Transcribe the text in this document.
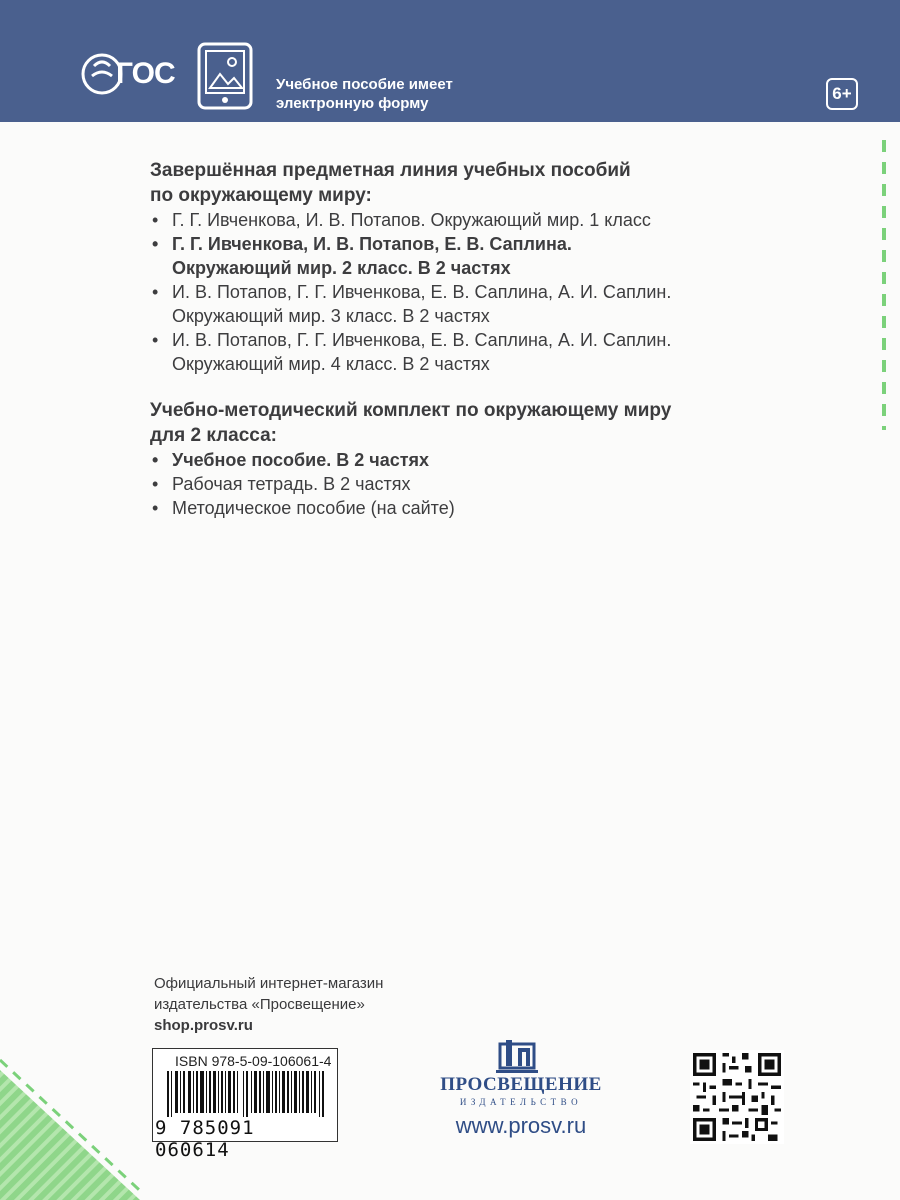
ГОС	Учебное пособие имеет
электронную форму
6+
Завершённая предметная линия учебных пособий
по окружающему миру:
• Г. Г. Ивченкова, И. В. Потапов. Окружающий мир. 1 класс
• Г. Г. Ивченкова, И. В. Потапов, Е. В. Саплина.
Окружающий мир. 2 класс. В 2 частях
• И. В. Потапов, Г. Г. Ивченкова, Е. В. Саплина, А. И. Саплин.
Окружающий мир. 3 класс. В 2 частях
• И. В. Потапов, Г. Г. Ивченкова, Е. В. Саплина, А. И. Саплин.
Окружающий мир. 4 класс. В 2 частях
Учебно-методический комплект по окружающему миру
для 2 класса:
• Учебное пособие. В 2 частях
• Рабочая тетрадь. В 2 частях
• Методическое пособие (на сайте)
Официальный интернет-магазин
издательства «Просвещение»
shop.prosv.ru
ISBN 978-5-09-106061-4
9 785091 060614
ПРОСВЕЩЕНИЕ
ИЗДАТЕЛЬСТВО
www.prosv.ru
